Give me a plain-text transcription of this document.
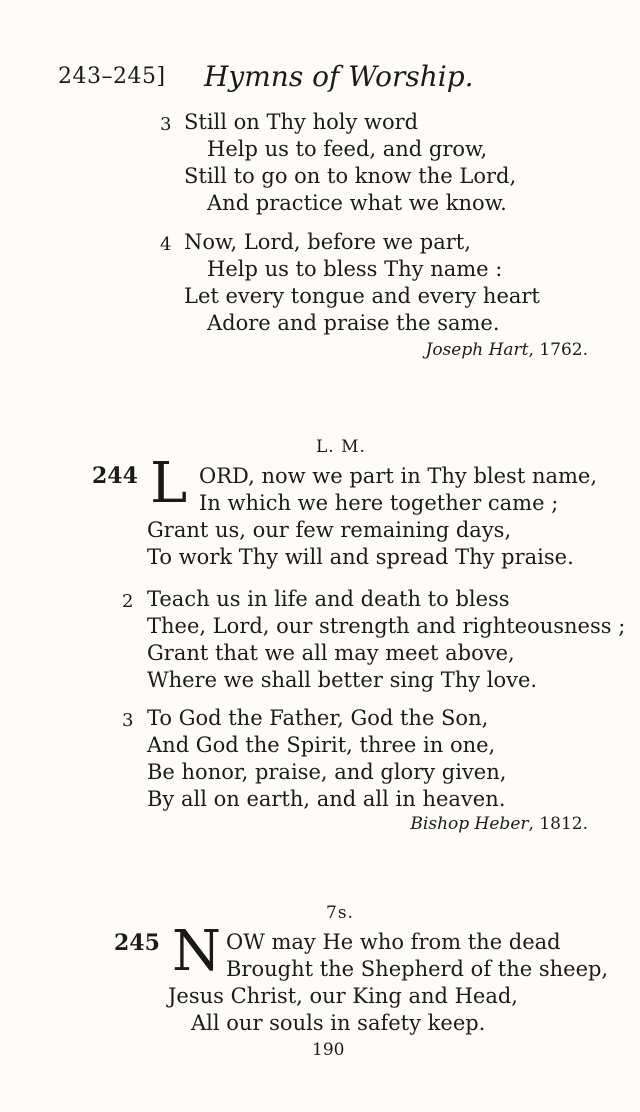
243–245] Hymns of Worship.
3 Still on Thy holy word
Help us to feed, and grow,
Still to go on to know the Lord,
And practice what we know.
4 Now, Lord, before we part,
Help us to bless Thy name :
Let every tongue and every heart
Adore and praise the same.
Joseph Hart, 1762.
L. M.
244 L ORD, now we part in Thy blest name,
In which we here together came ;
Grant us, our few remaining days,
To work Thy will and spread Thy praise.
2 Teach us in life and death to bless
Thee, Lord, our strength and righteousness ;
Grant that we all may meet above,
Where we shall better sing Thy love.
3 To God the Father, God the Son,
And God the Spirit, three in one,
Be honor, praise, and glory given,
By all on earth, and all in heaven.
Bishop Heber, 1812.
7s.
245 N OW may He who from the dead
Brought the Shepherd of the sheep,
Jesus Christ, our King and Head,
All our souls in safety keep.
190
